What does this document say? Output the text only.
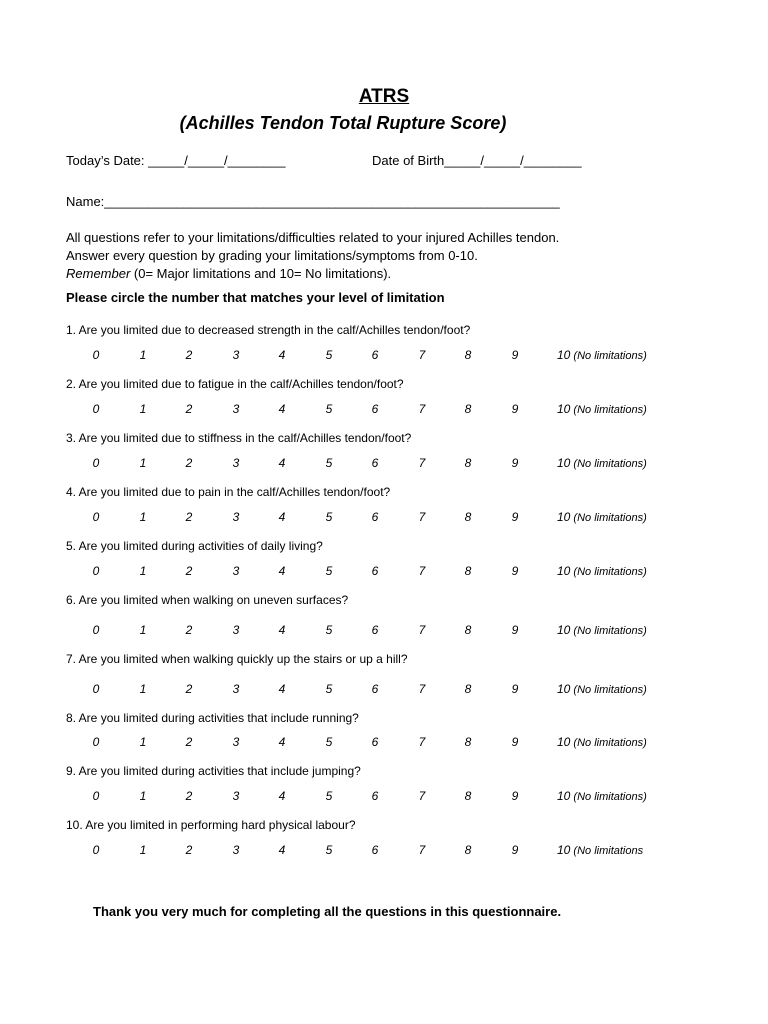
ATRS
(Achilles Tendon Total Rupture Score)
Today’s Date: _____/_____/________	Date of Birth_____/_____/________
Name:_______________________________________________________________
All questions refer to your limitations/difficulties related to your injured Achilles tendon.
Answer every question by grading your limitations/symptoms from 0-10.
Remember (0= Major limitations and 10= No limitations).
Please circle the number that matches your level of limitation
1. Are you limited due to decreased strength in the calf/Achilles tendon/foot?
0	1	2	3	4	5	6	7	8	9	10 (No limitations)
2. Are you limited due to fatigue in the calf/Achilles tendon/foot?
0	1	2	3	4	5	6	7	8	9	10 (No limitations)
3. Are you limited due to stiffness in the calf/Achilles tendon/foot?
0	1	2	3	4	5	6	7	8	9	10 (No limitations)
4. Are you limited due to pain in the calf/Achilles tendon/foot?
0	1	2	3	4	5	6	7	8	9	10 (No limitations)
5. Are you limited during activities of daily living?
0	1	2	3	4	5	6	7	8	9	10 (No limitations)
6. Are you limited when walking on uneven surfaces?
0	1	2	3	4	5	6	7	8	9	10 (No limitations)
7. Are you limited when walking quickly up the stairs or up a hill?
0	1	2	3	4	5	6	7	8	9	10 (No limitations)
8. Are you limited during activities that include running?
0	1	2	3	4	5	6	7	8	9	10 (No limitations)
9. Are you limited during activities that include jumping?
0	1	2	3	4	5	6	7	8	9	10 (No limitations)
10. Are you limited in performing hard physical labour?
0	1	2	3	4	5	6	7	8	9	10 (No limitations
Thank you very much for completing all the questions in this questionnaire.
